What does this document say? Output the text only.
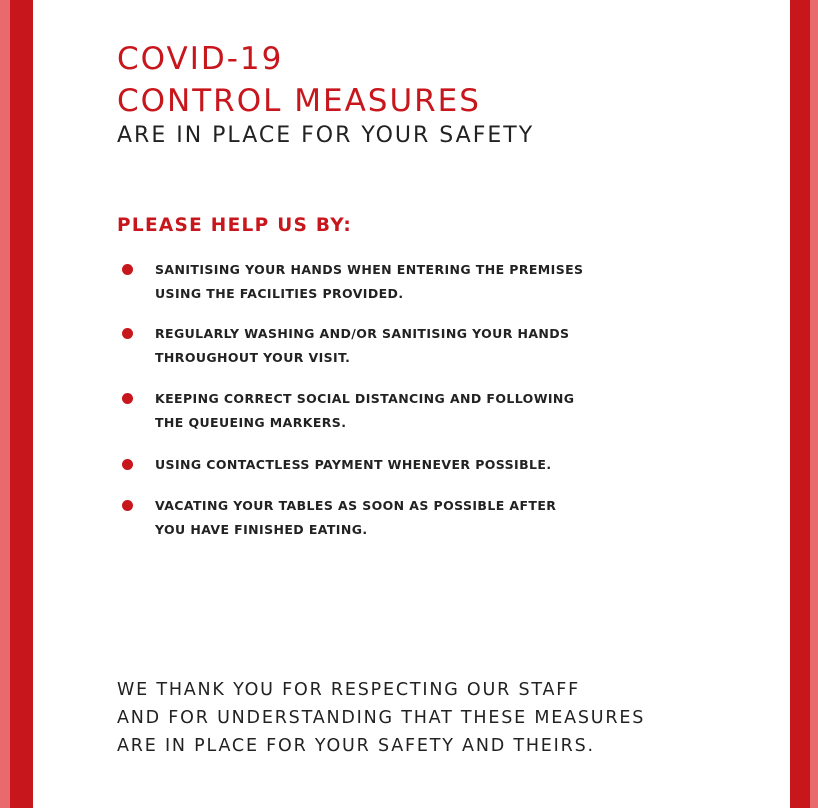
COVID-19
CONTROL MEASURES

ARE IN PLACE FOR YOUR SAFETY

PLEASE HELP US BY:
SANITISING YOUR HANDS WHEN ENTERING THE PREMISES
USING THE FACILITIES PROVIDED.
REGULARLY WASHING AND/OR SANITISING YOUR HANDS
THROUGHOUT YOUR VISIT.
KEEPING CORRECT SOCIAL DISTANCING AND FOLLOWING
THE QUEUEING MARKERS.
USING CONTACTLESS PAYMENT WHENEVER POSSIBLE.
VACATING YOUR TABLES AS SOON AS POSSIBLE AFTER
YOU HAVE FINISHED EATING.

WE THANK YOU FOR RESPECTING OUR STAFF
AND FOR UNDERSTANDING THAT THESE MEASURES
ARE IN PLACE FOR YOUR SAFETY AND THEIRS.
